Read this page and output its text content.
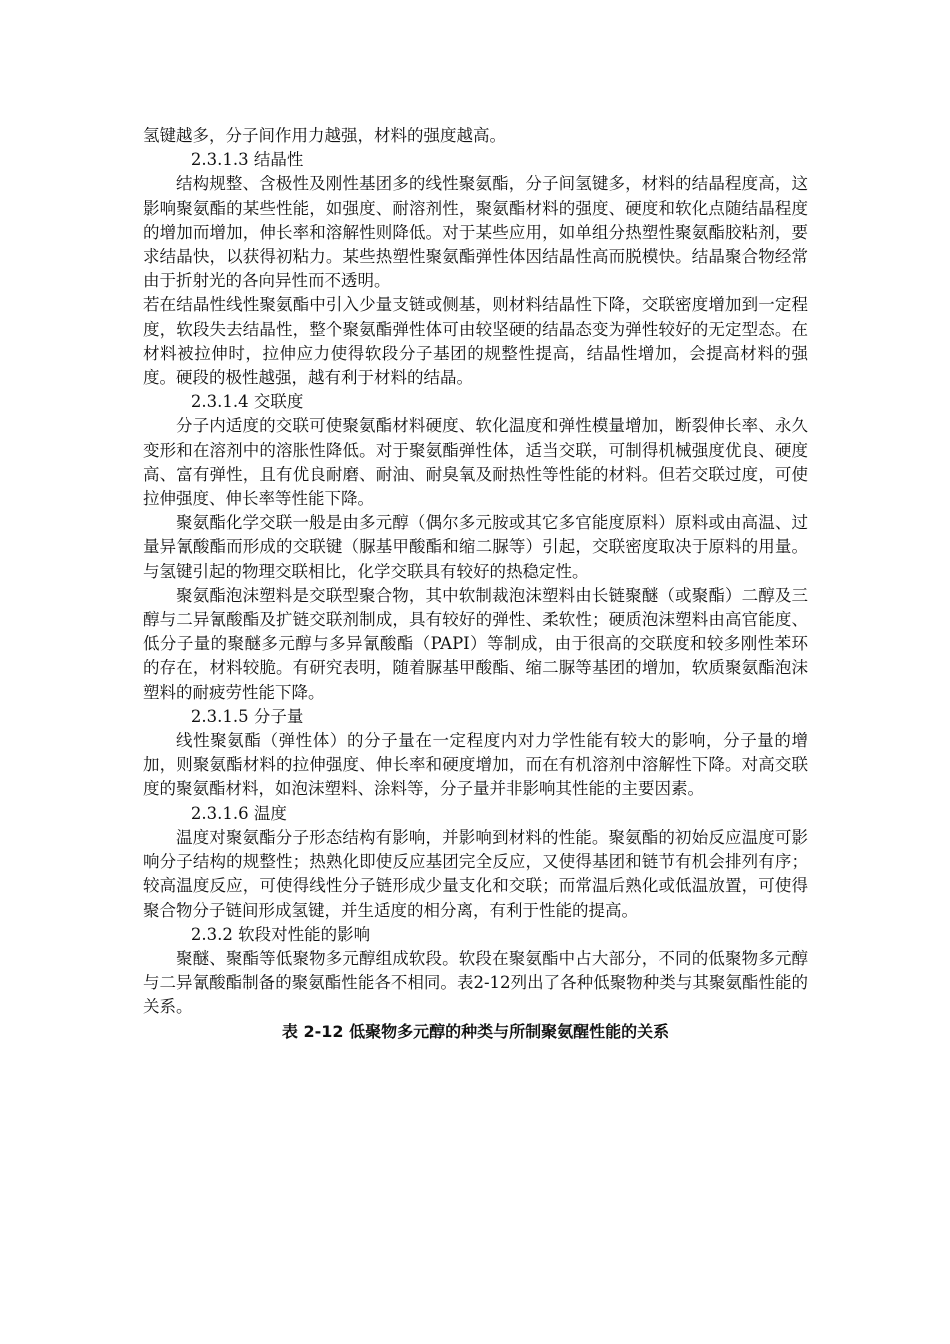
氢键越多，分子间作用力越强，材料的强度越高。

2.3.1.3 结晶性

结构规整、含极性及刚性基团多的线性聚氨酯，分子间氢键多，材料的结晶程度高，这影响聚氨酯的某些性能，如强度、耐溶剂性，聚氨酯材料的强度、硬度和软化点随结晶程度的增加而增加，伸长率和溶解性则降低。对于某些应用，如单组分热塑性聚氨酯胶粘剂，要求结晶快，以获得初粘力。某些热塑性聚氨酯弹性体因结晶性高而脱模快。结晶聚合物经常由于折射光的各向异性而不透明。

若在结晶性线性聚氨酯中引入少量支链或侧基，则材料结晶性下降，交联密度增加到一定程度，软段失去结晶性，整个聚氨酯弹性体可由较坚硬的结晶态变为弹性较好的无定型态。在材料被拉伸时，拉伸应力使得软段分子基团的规整性提高，结晶性增加，会提高材料的强度。硬段的极性越强，越有利于材料的结晶。

2.3.1.4 交联度

分子内适度的交联可使聚氨酯材料硬度、软化温度和弹性模量增加，断裂伸长率、永久变形和在溶剂中的溶胀性降低。对于聚氨酯弹性体，适当交联，可制得机械强度优良、硬度高、富有弹性，且有优良耐磨、耐油、耐臭氧及耐热性等性能的材料。但若交联过度，可使拉伸强度、伸长率等性能下降。

聚氨酯化学交联一般是由多元醇（偶尔多元胺或其它多官能度原料）原料或由高温、过量异氰酸酯而形成的交联键（脲基甲酸酯和缩二脲等）引起，交联密度取决于原料的用量。与氢键引起的物理交联相比，化学交联具有较好的热稳定性。

聚氨酯泡沫塑料是交联型聚合物，其中软制裁泡沫塑料由长链聚醚（或聚酯）二醇及三醇与二异氰酸酯及扩链交联剂制成，具有较好的弹性、柔软性；硬质泡沫塑料由高官能度、低分子量的聚醚多元醇与多异氰酸酯（PAPI）等制成，由于很高的交联度和较多刚性苯环的存在，材料较脆。有研究表明，随着脲基甲酸酯、缩二脲等基团的增加，软质聚氨酯泡沫塑料的耐疲劳性能下降。

2.3.1.5 分子量

线性聚氨酯（弹性体）的分子量在一定程度内对力学性能有较大的影响，分子量的增加，则聚氨酯材料的拉伸强度、伸长率和硬度增加，而在有机溶剂中溶解性下降。对高交联度的聚氨酯材料，如泡沫塑料、涂料等，分子量并非影响其性能的主要因素。

2.3.1.6 温度

温度对聚氨酯分子形态结构有影响，并影响到材料的性能。聚氨酯的初始反应温度可影响分子结构的规整性；热熟化即使反应基团完全反应，又使得基团和链节有机会排列有序；较高温度反应，可使得线性分子链形成少量支化和交联；而常温后熟化或低温放置，可使得聚合物分子链间形成氢键，并生适度的相分离，有利于性能的提高。

2.3.2 软段对性能的影响

聚醚、聚酯等低聚物多元醇组成软段。软段在聚氨酯中占大部分，不同的低聚物多元醇与二异氰酸酯制备的聚氨酯性能各不相同。表2-12列出了各种低聚物种类与其聚氨酯性能的关系。

表 2-12 低聚物多元醇的种类与所制聚氨醒性能的关系
